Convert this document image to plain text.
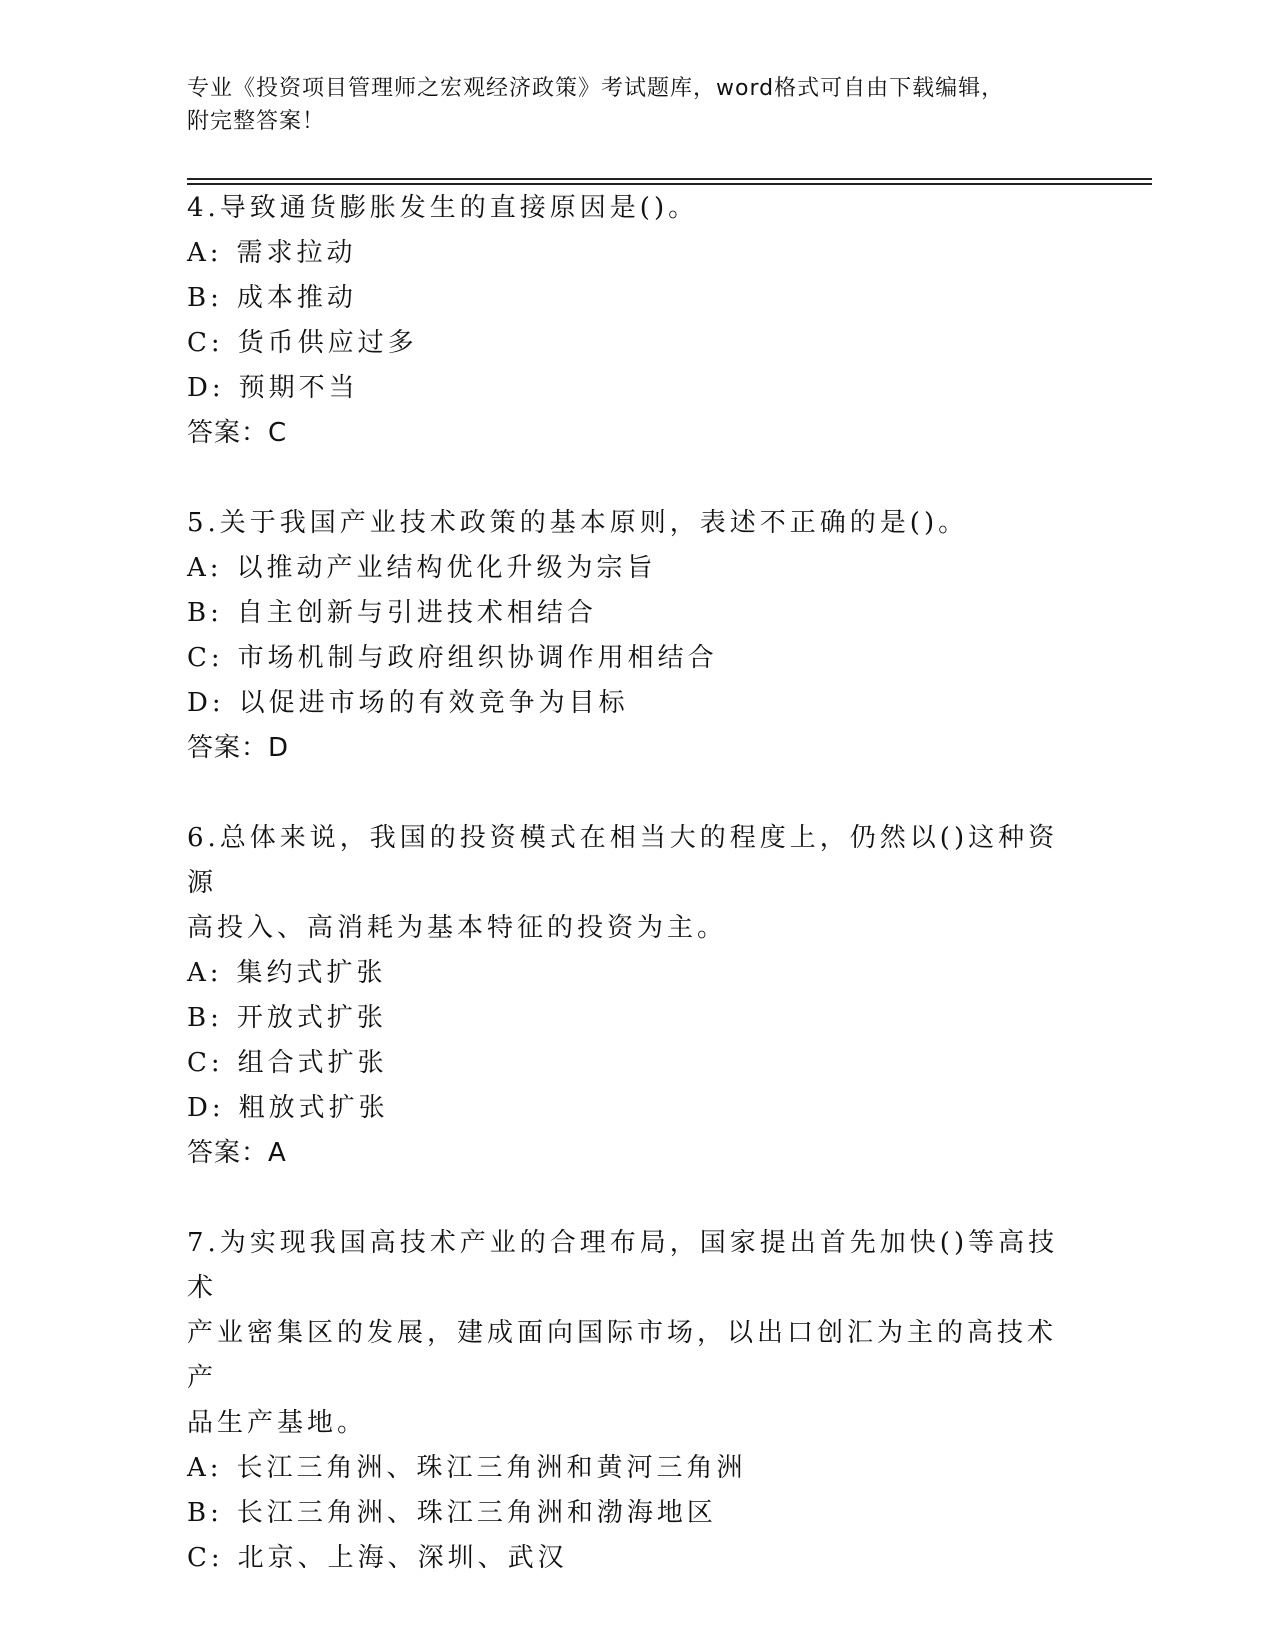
专业《投资项目管理师之宏观经济政策》考试题库，word格式可自由下载编辑，
附完整答案！
4.导致通货膨胀发生的直接原因是()。
A: 需求拉动
B: 成本推动
C: 货币供应过多
D: 预期不当
答案：C
5.关于我国产业技术政策的基本原则，表述不正确的是()。
A: 以推动产业结构优化升级为宗旨
B: 自主创新与引进技术相结合
C: 市场机制与政府组织协调作用相结合
D: 以促进市场的有效竞争为目标
答案：D
6.总体来说，我国的投资模式在相当大的程度上，仍然以()这种资源
高投入、高消耗为基本特征的投资为主。
A: 集约式扩张
B: 开放式扩张
C: 组合式扩张
D: 粗放式扩张
答案：A
7.为实现我国高技术产业的合理布局，国家提出首先加快()等高技术
产业密集区的发展，建成面向国际市场，以出口创汇为主的高技术产
品生产基地。
A: 长江三角洲、珠江三角洲和黄河三角洲
B: 长江三角洲、珠江三角洲和渤海地区
C: 北京、上海、深圳、武汉
